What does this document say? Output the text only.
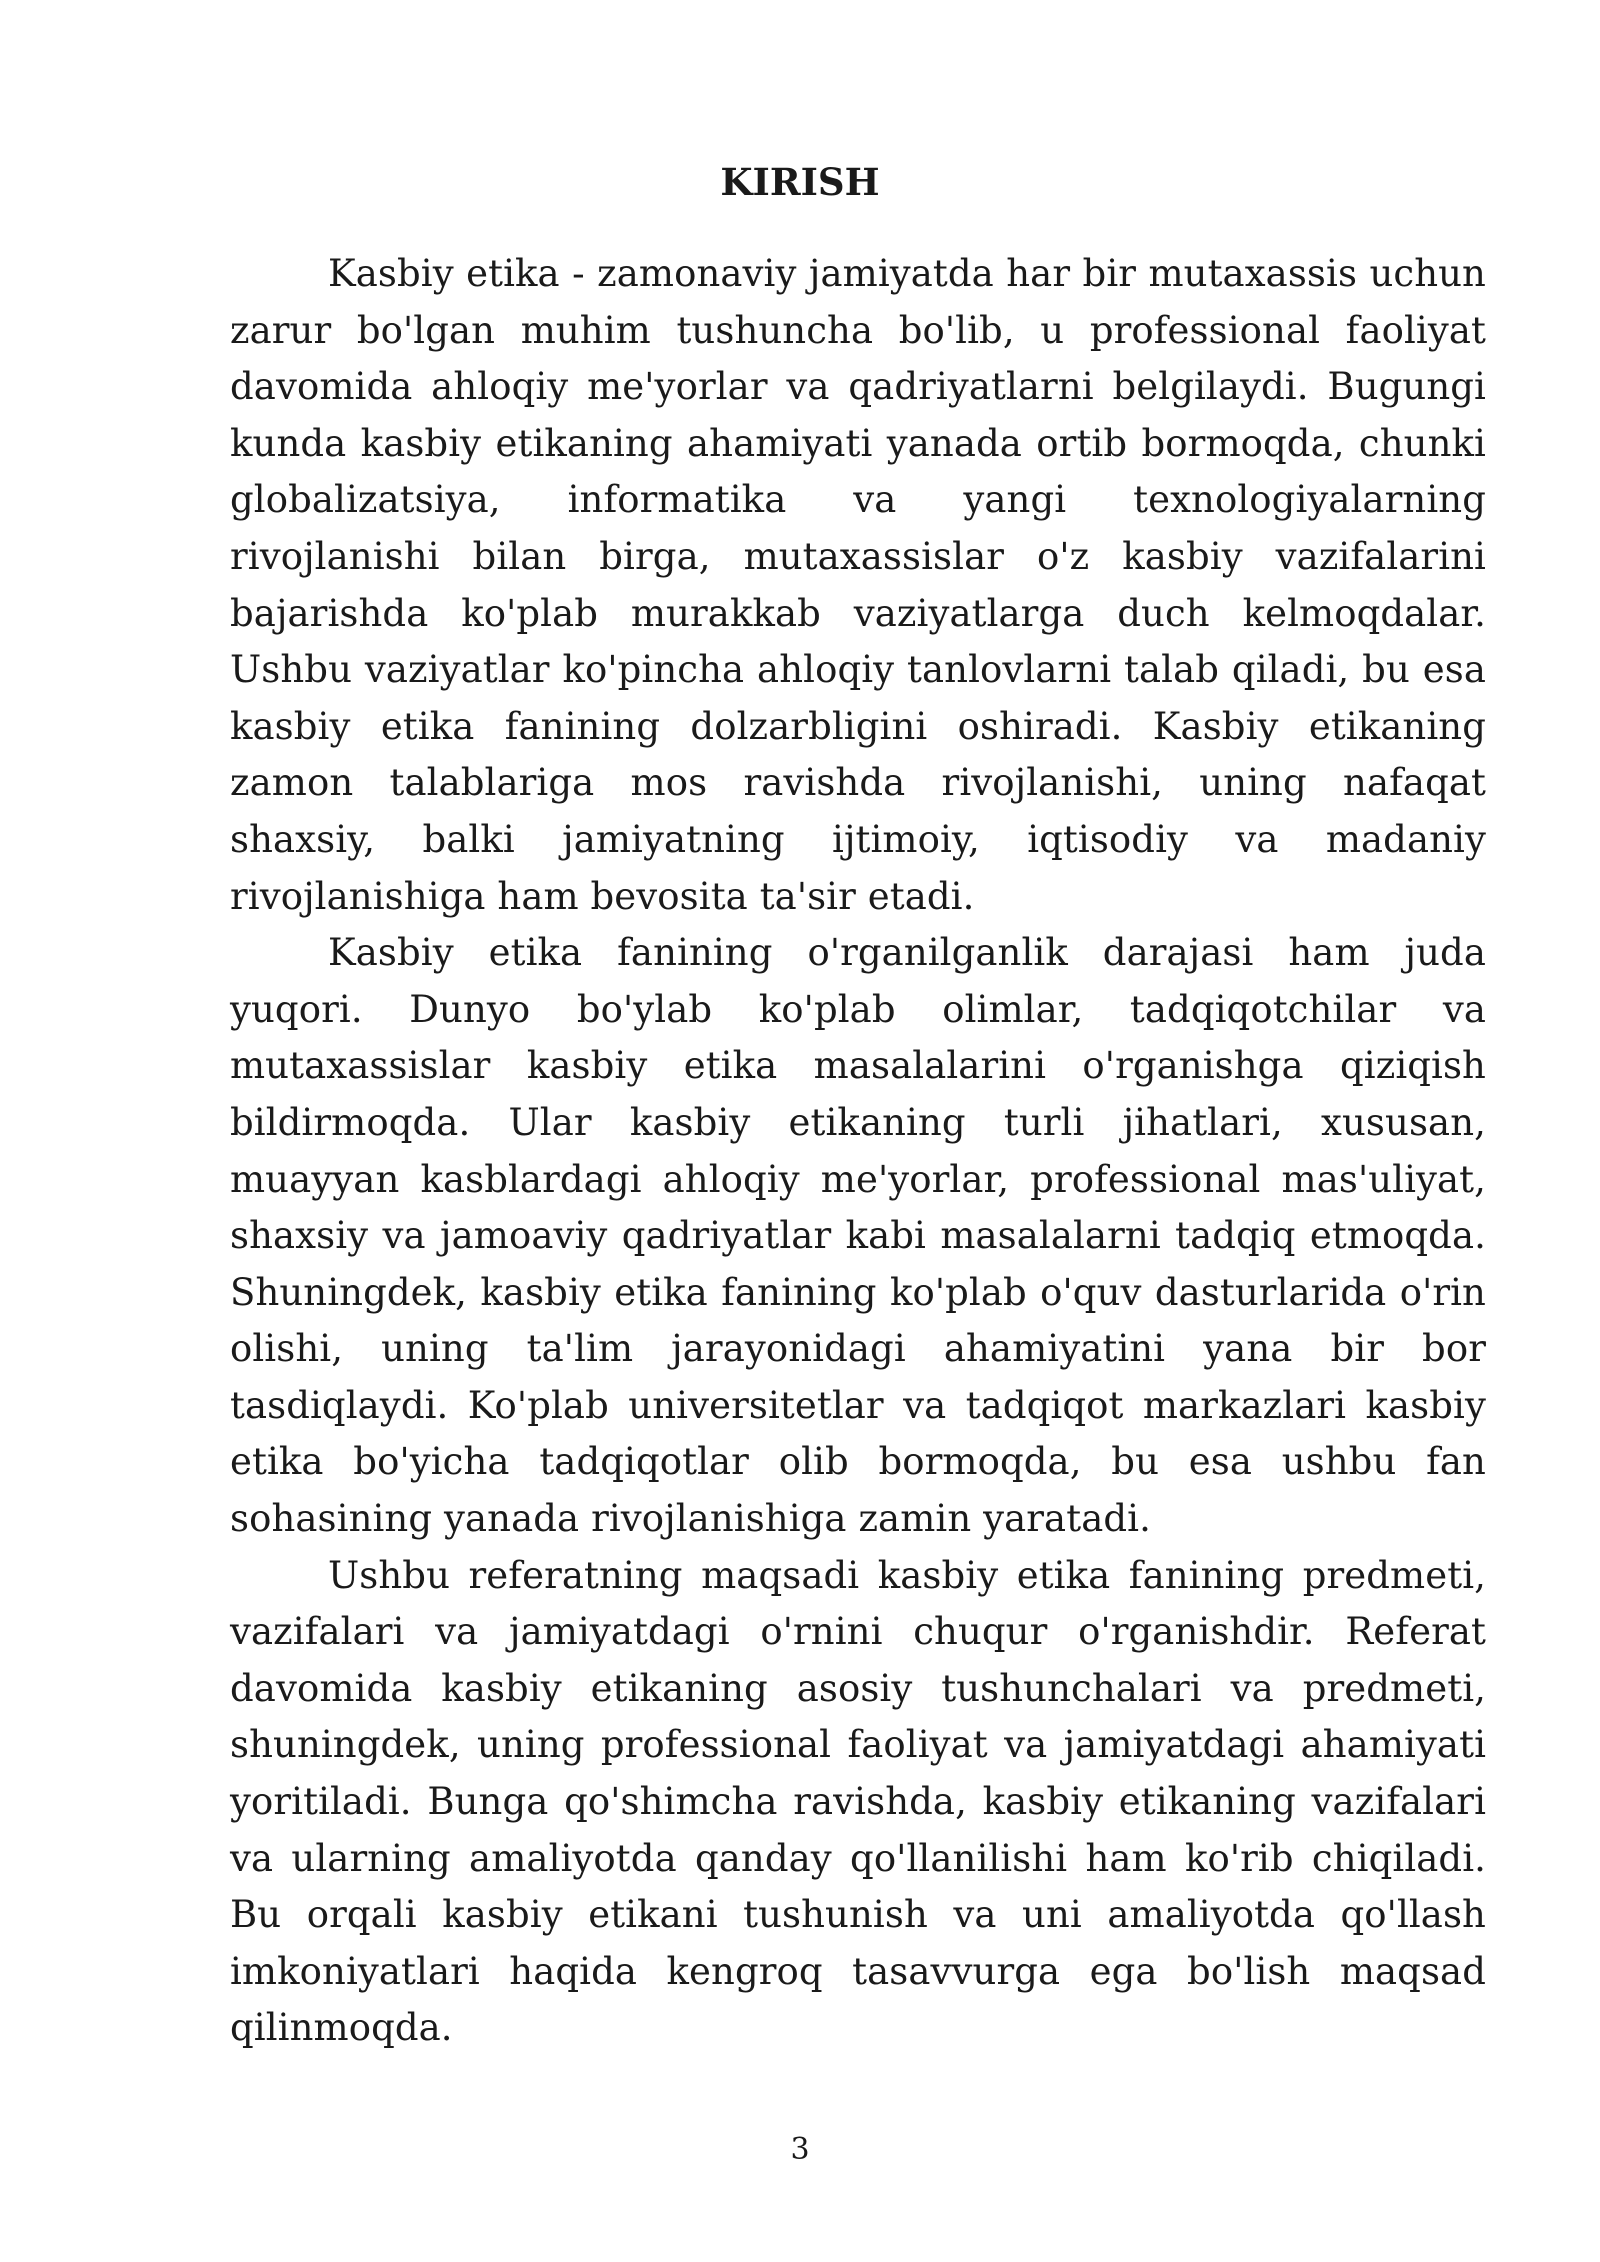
KIRISH

Kasbiy etika - zamonaviy jamiyatda har bir mutaxassis uchun zarur bo'lgan muhim tushuncha bo'lib, u professional faoliyat davomida ahloqiy me'yorlar va qadriyatlarni belgilaydi. Bugungi kunda kasbiy etikaning ahamiyati yanada ortib bormoqda, chunki globalizatsiya, informatika va yangi texnologiyalarning rivojlanishi bilan birga, mutaxassislar o'z kasbiy vazifalarini bajarishda ko'plab murakkab vaziyatlarga duch kelmoqdalar. Ushbu vaziyatlar ko'pincha ahloqiy tanlovlarni talab qiladi, bu esa kasbiy etika fanining dolzarbligini oshiradi. Kasbiy etikaning zamon talablariga mos ravishda rivojlanishi, uning nafaqat shaxsiy, balki jamiyatning ijtimoiy, iqtisodiy va madaniy rivojlanishiga ham bevosita ta'sir etadi.

Kasbiy etika fanining o'rganilganlik darajasi ham juda yuqori. Dunyo bo'ylab ko'plab olimlar, tadqiqotchilar va mutaxassislar kasbiy etika masalalarini o'rganishga qiziqish bildirmoqda. Ular kasbiy etikaning turli jihatlari, xususan, muayyan kasblardagi ahloqiy me'yorlar, professional mas'uliyat, shaxsiy va jamoaviy qadriyatlar kabi masalalarni tadqiq etmoqda. Shuningdek, kasbiy etika fanining ko'plab o'quv dasturlarida o'rin olishi, uning ta'lim jarayonidagi ahamiyatini yana bir bor tasdiqlaydi. Ko'plab universitetlar va tadqiqot markazlari kasbiy etika bo'yicha tadqiqotlar olib bormoqda, bu esa ushbu fan sohasining yanada rivojlanishiga zamin yaratadi.

Ushbu referatning maqsadi kasbiy etika fanining predmeti, vazifalari va jamiyatdagi o'rnini chuqur o'rganishdir. Referat davomida kasbiy etikaning asosiy tushunchalari va predmeti, shuningdek, uning professional faoliyat va jamiyatdagi ahamiyati yoritiladi. Bunga qo'shimcha ravishda, kasbiy etikaning vazifalari va ularning amaliyotda qanday qo'llanilishi ham ko'rib chiqiladi. Bu orqali kasbiy etikani tushunish va uni amaliyotda qo'llash imkoniyatlari haqida kengroq tasavvurga ega bo'lish maqsad qilinmoqda.

3
